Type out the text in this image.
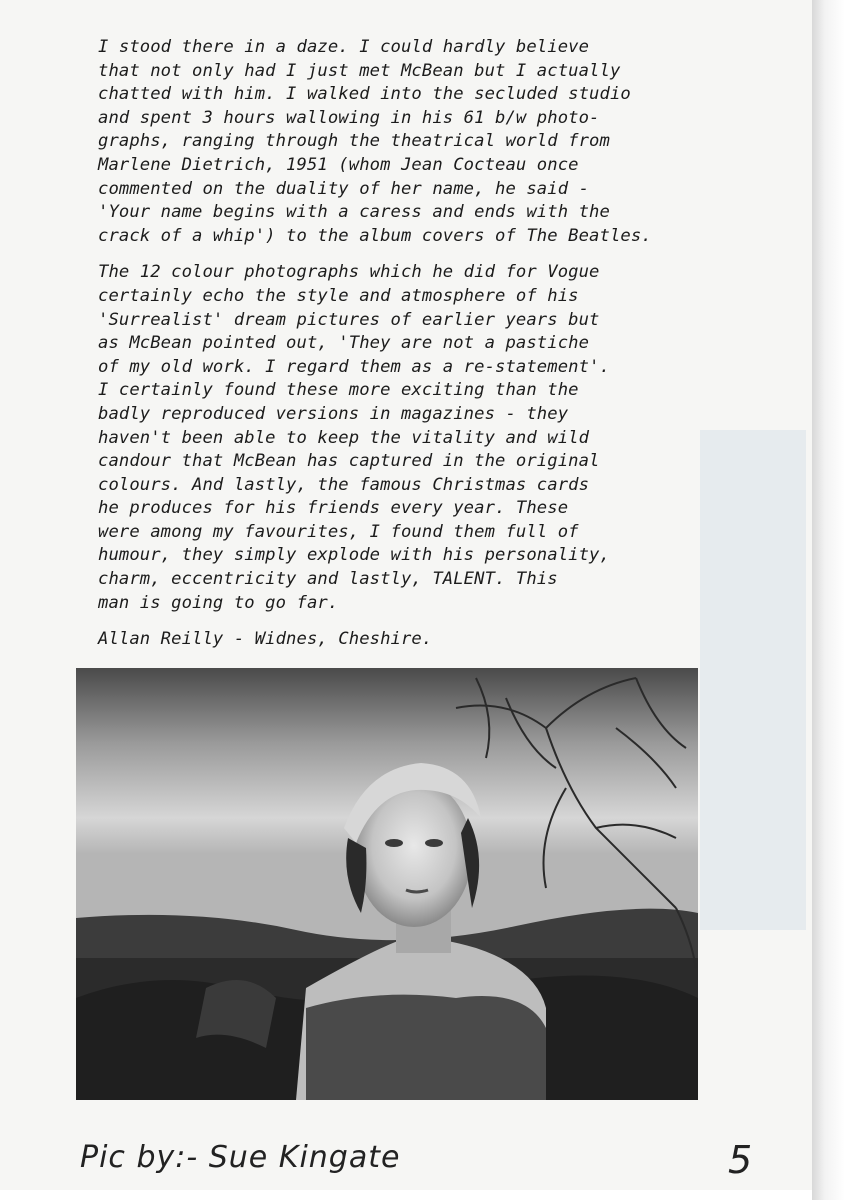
I stood there in a daze. I could hardly believe
that not only had I just met McBean but I actually
chatted with him. I walked into the secluded studio
and spent 3 hours wallowing in his 61 b/w photo-
graphs, ranging through the theatrical world from
Marlene Dietrich, 1951 (whom Jean Cocteau once
commented on the duality of her name, he said -
'Your name begins with a caress and ends with the
crack of a whip') to the album covers of The Beatles.

The 12 colour photographs which he did for Vogue
certainly echo the style and atmosphere of his
'Surrealist' dream pictures of earlier years but
as McBean pointed out, 'They are not a pastiche
of my old work. I regard them as a re-statement'.
I certainly found these more exciting than the
badly reproduced versions in magazines - they
haven't been able to keep the vitality and wild
candour that McBean has captured in the original
colours. And lastly, the famous Christmas cards
he produces for his friends every year. These
were among my favourites, I found them full of
humour, they simply explode with his personality,
charm, eccentricity and lastly, TALENT. This
man is going to go far.

Allan Reilly - Widnes, Cheshire.

Pic by:- Sue Kingate	5
